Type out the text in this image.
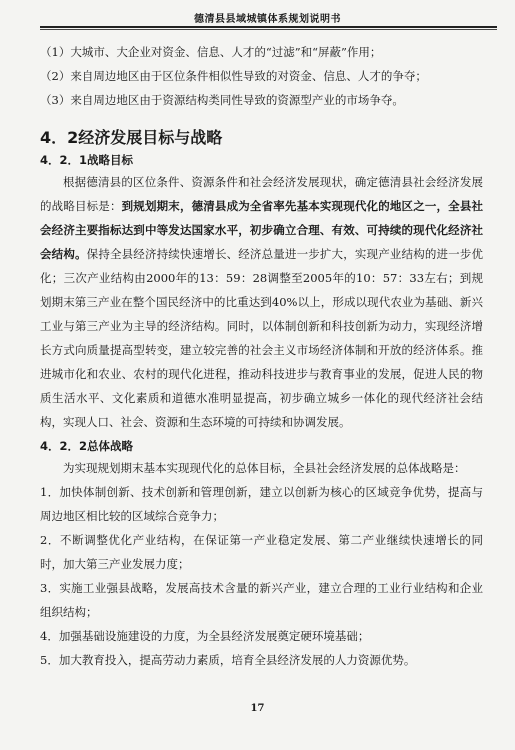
德清县县域城镇体系规划说明书

（1）大城市、大企业对资金、信息、人才的“过滤”和“屏蔽”作用；

（2）来自周边地区由于区位条件相似性导致的对资金、信息、人才的争夺；

（3）来自周边地区由于资源结构类同性导致的资源型产业的市场争夺。

4．2经济发展目标与战略
4．2．1战略目标

根据德清县的区位条件、资源条件和社会经济发展现状，确定德清县社会经济发展的战略目标是：到规划期末，德清县成为全省率先基本实现现代化的地区之一，全县社会经济主要指标达到中等发达国家水平，初步确立合理、有效、可持续的现代化经济社会结构。保持全县经济持续快速增长、经济总量进一步扩大，实现产业结构的进一步优化；三次产业结构由2000年的13：59：28调整至2005年的10：57：33左右；到规划期末第三产业在整个国民经济中的比重达到40%以上，形成以现代农业为基础、新兴工业与第三产业为主导的经济结构。同时，以体制创新和科技创新为动力，实现经济增长方式向质量提高型转变，建立较完善的社会主义市场经济体制和开放的经济体系。推进城市化和农业、农村的现代化进程，推动科技进步与教育事业的发展，促进人民的物质生活水平、文化素质和道德水准明显提高，初步确立城乡一体化的现代经济社会结构，实现人口、社会、资源和生态环境的可持续和协调发展。

4．2．2总体战略

为实现规划期末基本实现现代化的总体目标，全县社会经济发展的总体战略是：

1．加快体制创新、技术创新和管理创新，建立以创新为核心的区域竞争优势，提高与周边地区相比较的区域综合竞争力；

2．不断调整优化产业结构，在保证第一产业稳定发展、第二产业继续快速增长的同时，加大第三产业发展力度；

3．实施工业强县战略，发展高技术含量的新兴产业，建立合理的工业行业结构和企业组织结构；

4．加强基础设施建设的力度，为全县经济发展奠定硬环境基础；

5．加大教育投入，提高劳动力素质，培育全县经济发展的人力资源优势。

17
